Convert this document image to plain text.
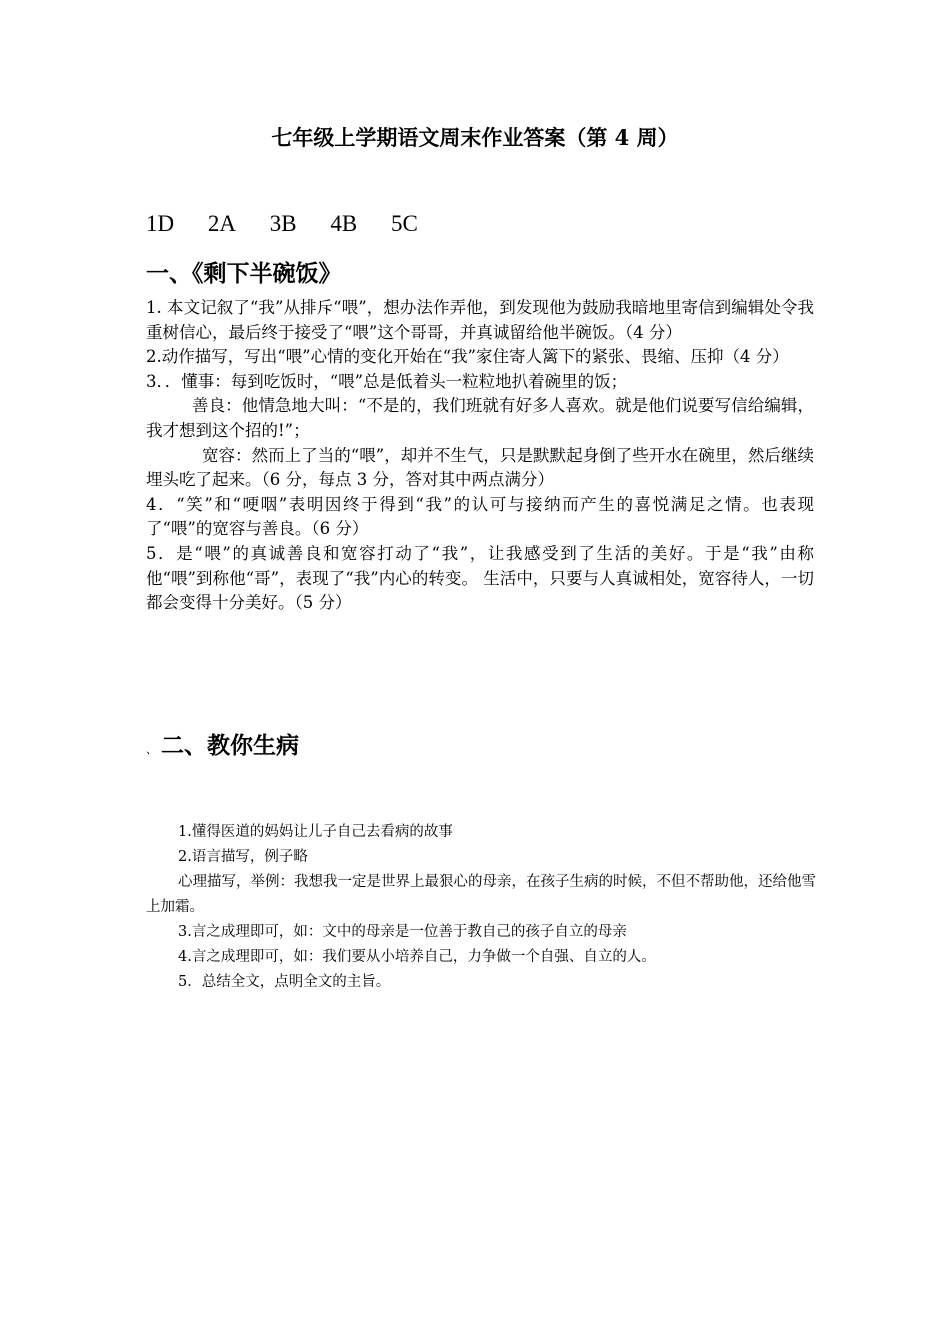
七年级上学期语文周末作业答案（第 4 周）
1D 2A 3B 4B 5C
一、《剩下半碗饭》

1. 本文记叙了“我”从排斥“喂”，想办法作弄他，到发现他为鼓励我暗地里寄信到编辑处令我重树信心，最后终于接受了“喂”这个哥哥，并真诚留给他半碗饭。（4 分）

2.动作描写，写出“喂”心情的变化开始在“我”家住寄人篱下的紧张、畏缩、压抑（4 分）

3．．懂事：每到吃饭时，“喂”总是低着头一粒粒地扒着碗里的饭；

善良：他情急地大叫：“不是的，我们班就有好多人喜欢。就是他们说要写信给编辑，我才想到这个招的!”；

宽容：然而上了当的“喂”，却并不生气，只是默默起身倒了些开水在碗里，然后继续埋头吃了起来。（6 分，每点 3 分，答对其中两点满分）

4．“笑”和“哽咽”表明因终于得到“我”的认可与接纳而产生的喜悦满足之情。也表现了“喂”的宽容与善良。（6 分）

5．是“喂”的真诚善良和宽容打动了“我”，让我感受到了生活的美好。于是“我”由称他“喂”到称他“哥”，表现了“我”内心的转变。 生活中，只要与人真诚相处，宽容待人，一切都会变得十分美好。（5 分）

、 二、教你生病

1.懂得医道的妈妈让儿子自己去看病的故事

2.语言描写，例子略

心理描写，举例：我想我一定是世界上最狠心的母亲，在孩子生病的时候，不但不帮助他，还给他雪上加霜。

3.言之成理即可，如：文中的母亲是一位善于教自己的孩子自立的母亲

4.言之成理即可，如：我们要从小培养自己，力争做一个自强、自立的人。

5．总结全文，点明全文的主旨。
